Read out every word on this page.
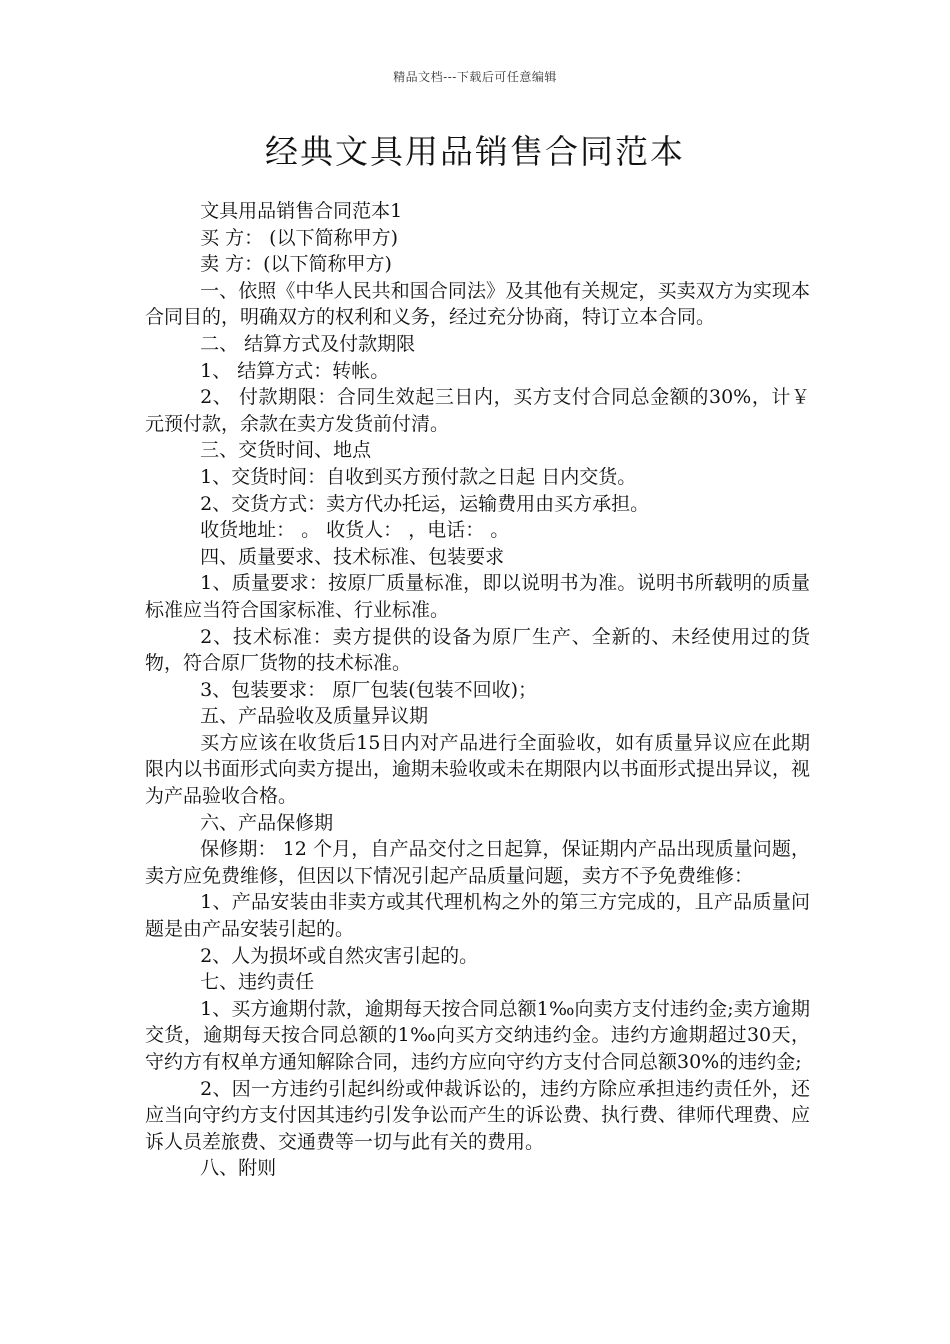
精品文档---下载后可任意编辑
经典文具用品销售合同范本

文具用品销售合同范本1

买 方： (以下简称甲方)

卖 方：(以下简称甲方)

一、依照《中华人民共和国合同法》及其他有关规定，买卖双方为实现本合同目的，明确双方的权利和义务，经过充分协商，特订立本合同。

二、 结算方式及付款期限

1、 结算方式：转帐。

2、 付款期限：合同生效起三日内，买方支付合同总金额的30%，计￥ 元预付款，余款在卖方发货前付清。

三、交货时间、地点

1、交货时间：自收到买方预付款之日起 日内交货。

2、交货方式：卖方代办托运，运输费用由买方承担。

收货地址： 。 收货人： ，电话： 。

四、质量要求、技术标准、包装要求

1、质量要求：按原厂质量标准，即以说明书为准。说明书所载明的质量标准应当符合国家标准、行业标准。

2、技术标准：卖方提供的设备为原厂生产、全新的、未经使用过的货物，符合原厂货物的技术标准。

3、包装要求： 原厂包装(包装不回收)；

五、产品验收及质量异议期

买方应该在收货后15日内对产品进行全面验收，如有质量异议应在此期限内以书面形式向卖方提出，逾期未验收或未在期限内以书面形式提出异议，视为产品验收合格。

六、产品保修期

保修期： 12 个月，自产品交付之日起算，保证期内产品出现质量问题，卖方应免费维修，但因以下情况引起产品质量问题，卖方不予免费维修：

1、产品安装由非卖方或其代理机构之外的第三方完成的，且产品质量问题是由产品安装引起的。

2、人为损坏或自然灾害引起的。

七、违约责任

1、买方逾期付款，逾期每天按合同总额1‰向卖方支付违约金;卖方逾期交货，逾期每天按合同总额的1‰向买方交纳违约金。违约方逾期超过30天，守约方有权单方通知解除合同，违约方应向守约方支付合同总额30%的违约金;

2、因一方违约引起纠纷或仲裁诉讼的，违约方除应承担违约责任外，还应当向守约方支付因其违约引发争讼而产生的诉讼费、执行费、律师代理费、应诉人员差旅费、交通费等一切与此有关的费用。

八、附则
